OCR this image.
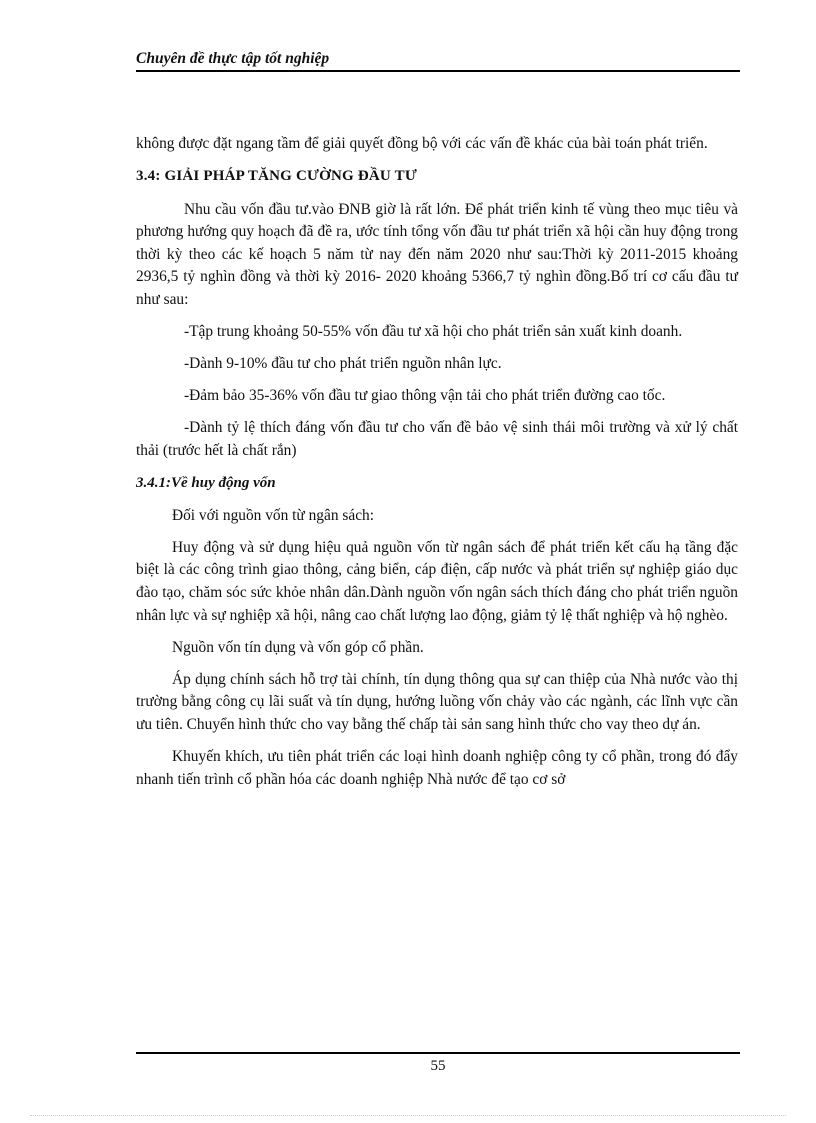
Chuyên đề thực tập tốt nghiệp

không được đặt ngang tầm để giải quyết đồng bộ với các vấn đề khác của bài toán phát triển.

3.4: GIẢI PHÁP TĂNG CƯỜNG ĐẦU TƯ

Nhu cầu vốn đầu tư.vào ĐNB giờ là rất lớn. Để phát triển kinh tế vùng theo mục tiêu và phương hướng quy hoạch đã đề ra, ước tính tổng vốn đầu tư phát triển xã hội cần huy động trong thời kỳ theo các kế hoạch 5 năm từ nay đến năm 2020 như sau:Thời kỳ 2011-2015 khoảng 2936,5 tỷ nghìn đồng và thời kỳ 2016- 2020 khoảng 5366,7 tỷ nghìn đồng.Bố trí cơ cấu đầu tư như sau:

-Tập trung khoảng 50-55% vốn đầu tư xã hội cho phát triển sản xuất kinh doanh.

-Dành 9-10% đầu tư cho phát triển nguồn nhân lực.

-Đảm bảo 35-36% vốn đầu tư giao thông vận tải cho phát triển đường cao tốc.

-Dành tỷ lệ thích đáng vốn đầu tư cho vấn đề bảo vệ sinh thái môi trường và xử lý chất thải (trước hết là chất rắn)

3.4.1:Về huy động vốn

Đối với nguồn vốn từ ngân sách:

Huy động và sử dụng hiệu quả nguồn vốn từ ngân sách để phát triển kết cấu hạ tầng đặc biệt là các công trình giao thông, cảng biển, cáp điện, cấp nước và phát triển sự nghiệp giáo dục đào tạo, chăm sóc sức khỏe nhân dân.Dành nguồn vốn ngân sách thích đáng cho phát triển nguồn nhân lực và sự nghiệp xã hội, nâng cao chất lượng lao động, giảm tỷ lệ thất nghiệp và hộ nghèo.

Nguồn vốn tín dụng và vốn góp cổ phần.

Áp dụng chính sách hỗ trợ tài chính, tín dụng thông qua sự can thiệp của Nhà nước vào thị trường bằng công cụ lãi suất và tín dụng, hướng luồng vốn chảy vào các ngành, các lĩnh vực cần ưu tiên. Chuyển hình thức cho vay bằng thế chấp tài sản sang hình thức cho vay theo dự án.

Khuyến khích, ưu tiên phát triển các loại hình doanh nghiệp công ty cổ phần, trong đó đẩy nhanh tiến trình cổ phần hóa các doanh nghiệp Nhà nước để tạo cơ sở

55
